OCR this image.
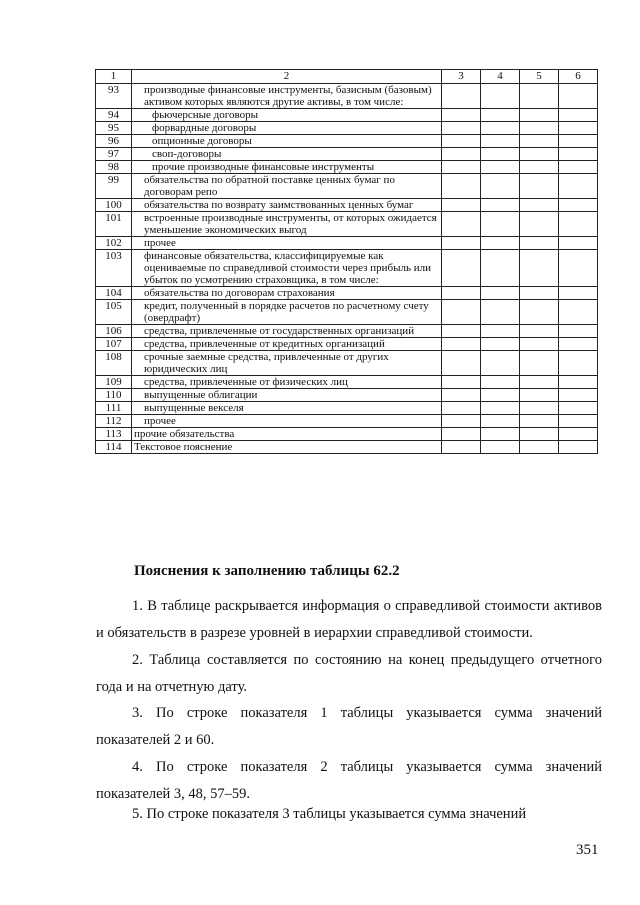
1	2	3	4	5	6
93	производные финансовые инструменты, базисным (базовым) активом которых являются другие активы, в том числе:				
94	фьючерсные договоры				
95	форвардные договоры				
96	опционные договоры				
97	своп-договоры				
98	прочие производные финансовые инструменты				
99	обязательства по обратной поставке ценных бумаг по договорам репо				
100	обязательства по возврату заимствованных ценных бумаг				
101	встроенные производные инструменты, от которых ожидается уменьшение экономических выгод				
102	прочее				
103	финансовые обязательства, классифицируемые как оцениваемые по справедливой стоимости через прибыль или убыток по усмотрению страховщика, в том числе:				
104	обязательства по договорам страхования				
105	кредит, полученный в порядке расчетов по расчетному счету (овердрафт)				
106	средства, привлеченные от государственных организаций				
107	средства, привлеченные от кредитных организаций				
108	срочные заемные средства, привлеченные от других юридических лиц				
109	средства, привлеченные от физических лиц				
110	выпущенные облигации				
111	выпущенные векселя				
112	прочее				
113	прочие обязательства				
114	Текстовое пояснение				
Пояснения к заполнению таблицы 62.2

1. В таблице раскрывается информация о справедливой стоимости активов и обязательств в разрезе уровней в иерархии справедливой стоимости.

2. Таблица составляется по состоянию на конец предыдущего отчетного года и на отчетную дату.

3. По строке показателя 1 таблицы указывается сумма значений показателей 2 и 60.

4. По строке показателя 2 таблицы указывается сумма значений показателей 3, 48, 57–59.

5. По строке показателя 3 таблицы указывается сумма значений

351
